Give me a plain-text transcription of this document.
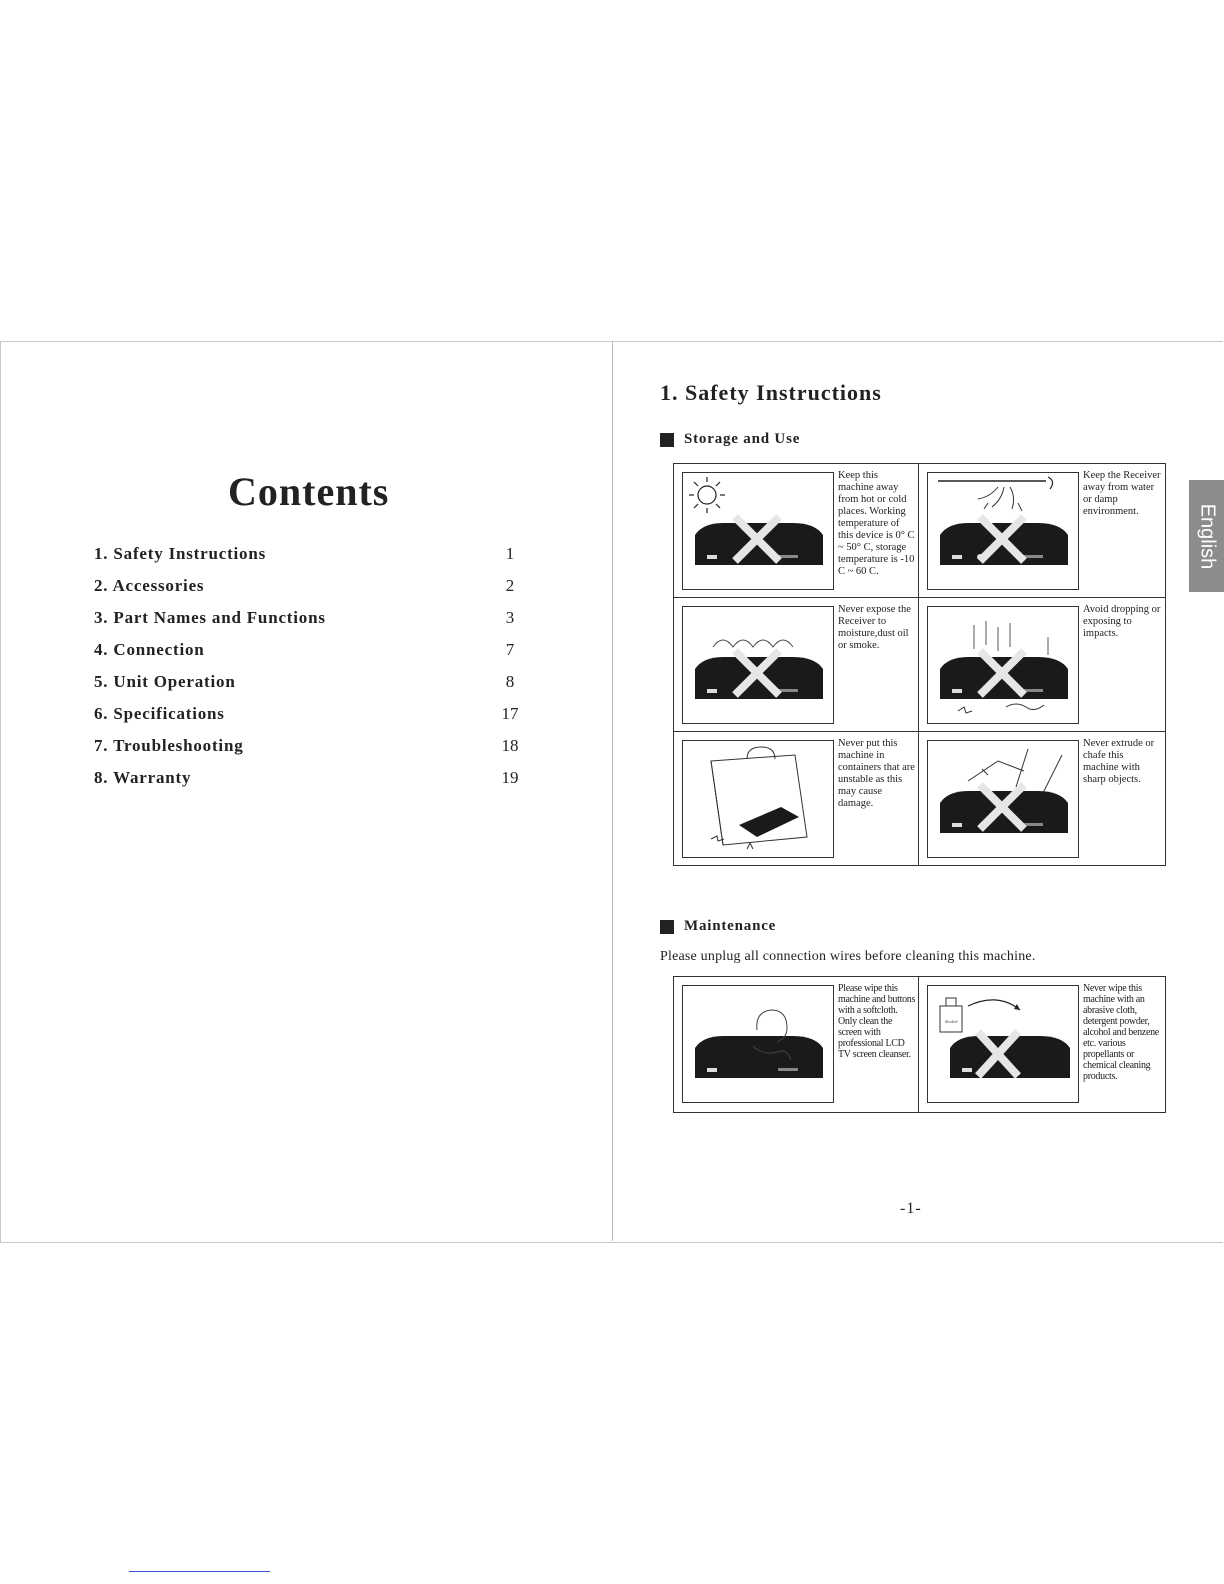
Contents
1. Safety Instructions	1
2. Accessories	2
3. Part Names and Functions	3
4. Connection	7
5. Unit Operation	8
6. Specifications	17
7. Troubleshooting	18
8. Warranty	19
1. Safety Instructions
Storage and Use
Keep this machine away from hot or cold places. Working temperature of this device is 0° C ~ 50° C, storage temperature is -10 C ~ 60 C.
Keep the Receiver away from water or damp environment.
Never expose the Receiver to moisture,dust oil or smoke.
Avoid dropping or exposing to impacts.
Never put this machine in containers that are unstable as this may cause damage.
Never extrude or chafe this machine with sharp objects.
Maintenance
Please unplug all connection wires before cleaning this machine.
Please wipe this machine and buttons with a softcloth. Only clean the screen with professional LCD TV screen cleanser.
Alcohol
Never wipe this machine with an abrasive cloth, detergent powder, alcohol and benzene etc. various propellants or chemical cleaning products.
English
-1-
